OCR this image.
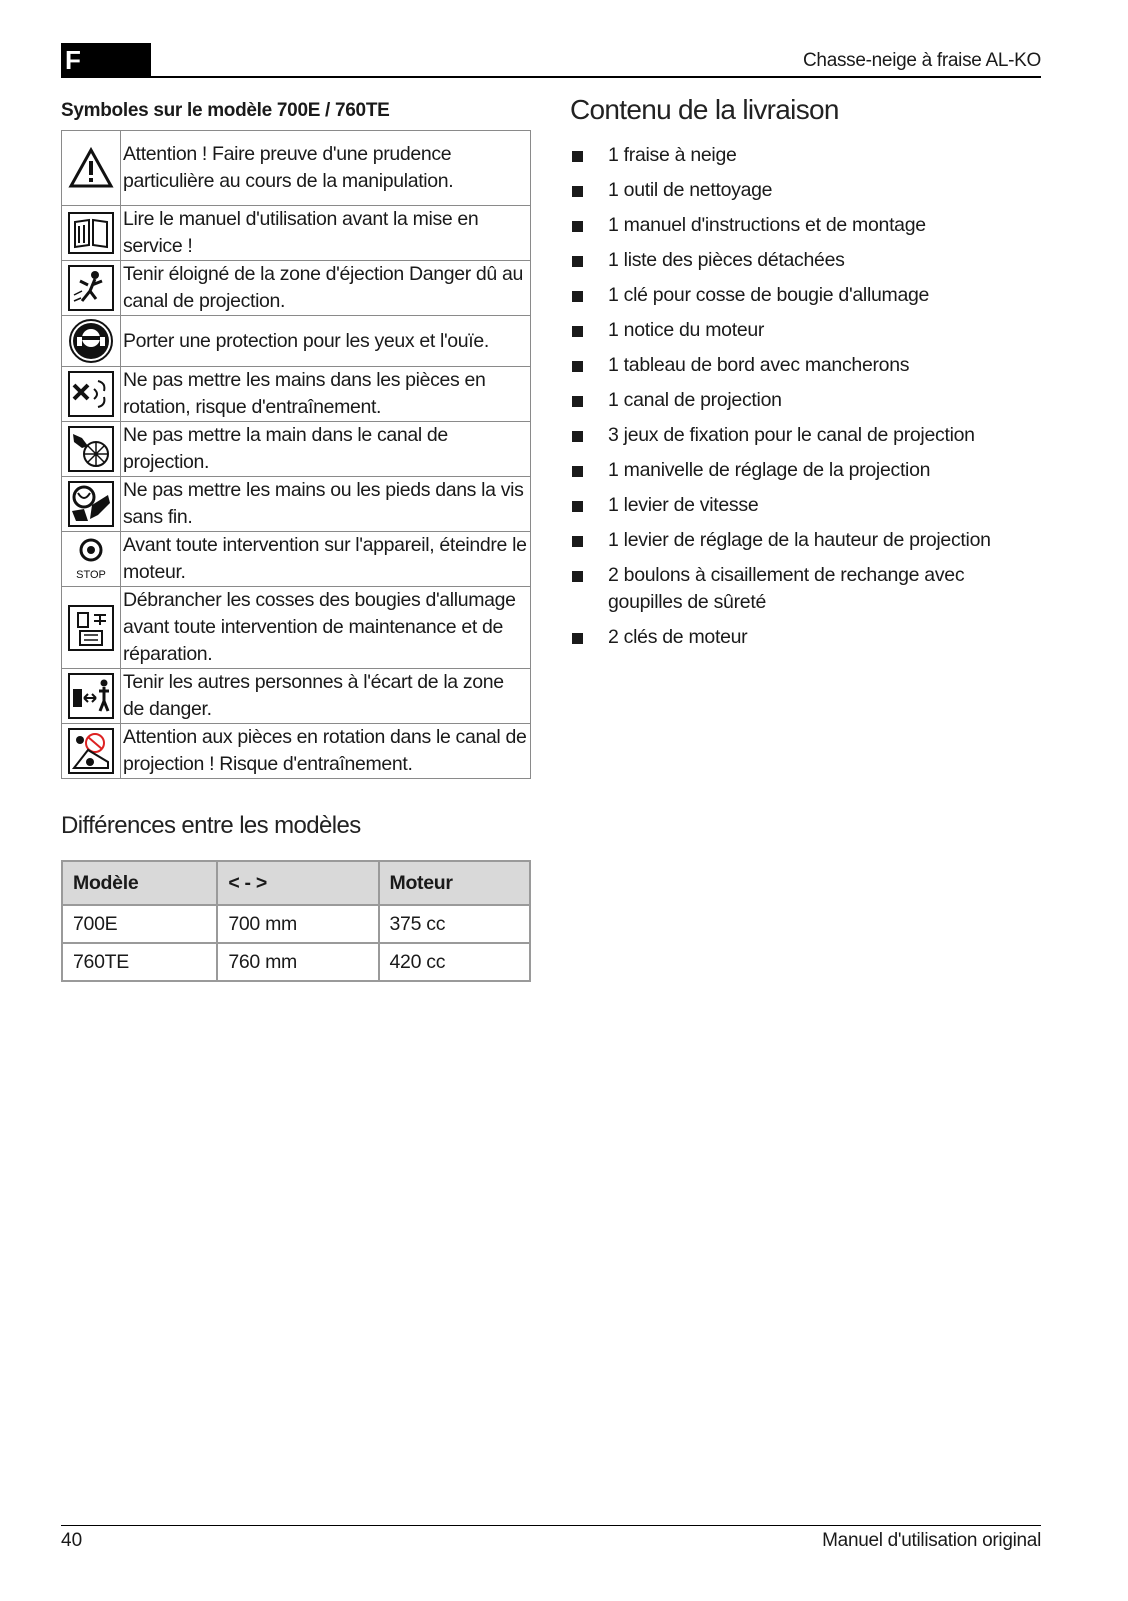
F	Chasse-neige à fraise AL-KO
Symboles sur le modèle 700E / 760TE
	Attention ! Faire preuve d'une prudence particulière au cours de la manipulation.

	Lire le manuel d'utilisation avant la mise en service !

	Tenir éloigné de la zone d'éjection Danger dû au canal de projection.

	Porter une protection pour les yeux et l'ouïe.

	Ne pas mettre les mains dans les pièces en rotation, risque d'entraînement.

	Ne pas mettre la main dans le canal de projection.

	Ne pas mettre les mains ou les pieds dans la vis sans fin.

STOP	Avant toute intervention sur l'appareil, éteindre le moteur.

	Débrancher les cosses des bougies d'allumage avant toute intervention de maintenance et de réparation.

	Tenir les autres personnes à l'écart de la zone de danger.

	Attention aux pièces en rotation dans le canal de projection ! Risque d'entraînement.
Différences entre les modèles
Modèle	< - >	Moteur
700E	700 mm	375 cc
760TE	760 mm	420 cc
Contenu de la livraison
1 fraise à neige
1 outil de nettoyage
1 manuel d'instructions et de montage
1 liste des pièces détachées
1 clé pour cosse de bougie d'allumage
1 notice du moteur
1 tableau de bord avec mancherons
1 canal de projection
3 jeux de fixation pour le canal de projection
1 manivelle de réglage de la projection
1 levier de vitesse
1 levier de réglage de la hauteur de projection
2 boulons à cisaillement de rechange avec goupilles de sûreté
2 clés de moteur
40	Manuel d'utilisation original
